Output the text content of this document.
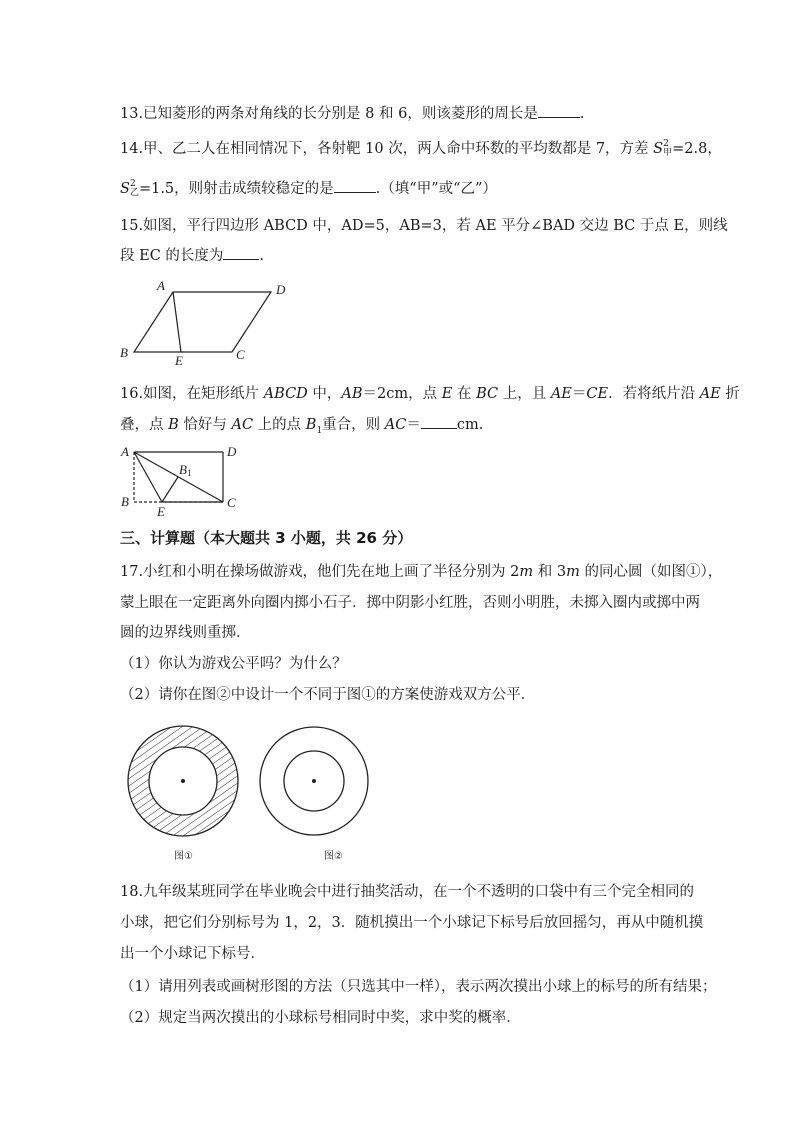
13.已知菱形的两条对角线的长分别是 8 和 6，则该菱形的周长是	.
14.甲、乙二人在相同情况下，各射靶 10 次，两人命中环数的平均数都是 7，方差 S 2
甲 =2.8，
S 2
乙 =1.5，则射击成绩较稳定的是	.（填“甲”或“乙”）
15.如图，平行四边形 ABCD 中，AD=5，AB=3，若 AE 平分∠BAD 交边 BC 于点 E，则线
段 EC 的长度为 .
A	D
B
E	C
16.如图，在矩形纸片 ABCD 中，AB＝2cm，点 E 在 BC 上，且 AE＝CE．若将纸片沿 AE 折
叠，点 B 恰好与 AC 上的点 $B_1$重合，则 AC＝ cm.
A	D
B	C
E
B1
三、计算题（本大题共 3 小题，共 26 分）
17.小红和小明在操场做游戏，他们先在地上画了半径分别为 2m 和 3m 的同心圆（如图①），
蒙上眼在一定距离外向圈内掷小石子．掷中阴影小红胜，否则小明胜，未掷入圈内或掷中两
圆的边界线则重掷．
（1）你认为游戏公平吗？为什么？
（2）请你在图②中设计一个不同于图①的方案使游戏双方公平．
图①	图②
18.九年级某班同学在毕业晚会中进行抽奖活动，在一个不透明的口袋中有三个完全相同的
小球，把它们分别标号为 1，2，3．随机摸出一个小球记下标号后放回摇匀，再从中随机摸
出一个小球记下标号．
（1）请用列表或画树形图的方法（只选其中一样），表示两次摸出小球上的标号的所有结果；
（2）规定当两次摸出的小球标号相同时中奖，求中奖的概率．
